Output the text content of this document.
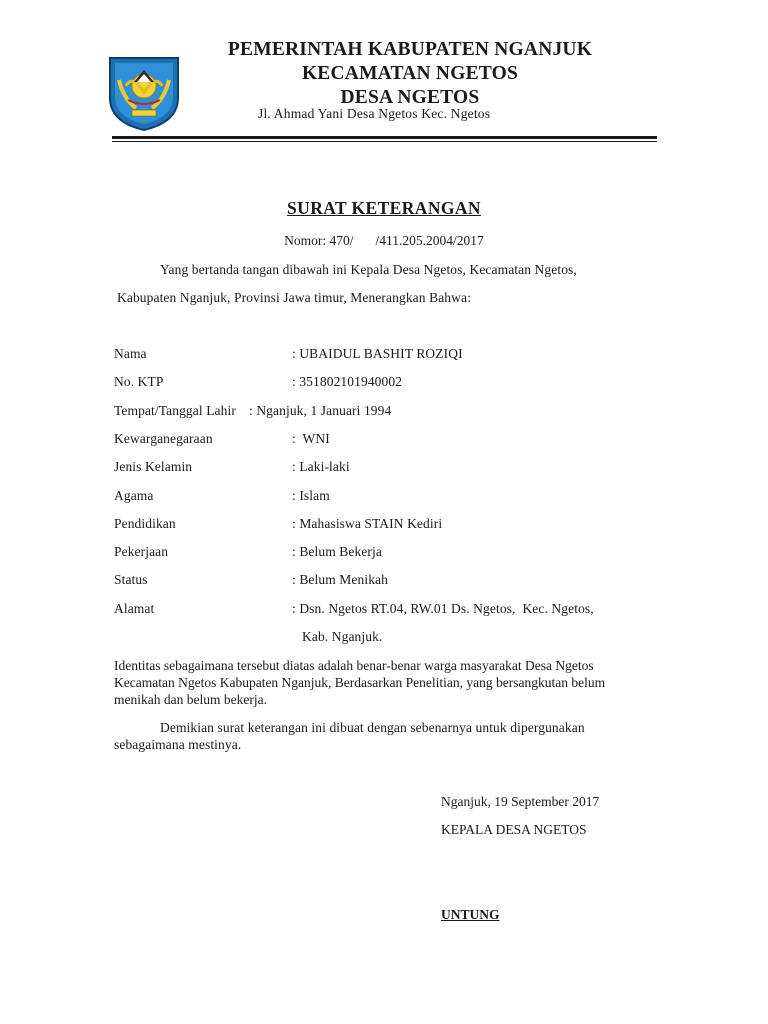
PEMERINTAH KABUPATEN NGANJUK
KECAMATAN NGETOS
DESA NGETOS
Jl. Ahmad Yani Desa Ngetos Kec. Ngetos
SURAT KETERANGAN
Nomor: 470/ /411.205.2004/2017
Yang bertanda tangan dibawah ini Kepala Desa Ngetos, Kecamatan Ngetos,
Kabupaten Nganjuk, Provinsi Jawa timur, Menerangkan Bahwa:
Nama	: UBAIDUL BASHIT ROZIQI
No. KTP	: 351802101940002
Tempat/Tanggal Lahir : Nganjuk, 1 Januari 1994
Kewarganegaraan	:  WNI
Jenis Kelamin	: Laki-laki
Agama	: Islam
Pendidikan	: Mahasiswa STAIN Kediri
Pekerjaan	: Belum Bekerja
Status	: Belum Menikah
Alamat	: Dsn. Ngetos RT.04, RW.01 Ds. Ngetos,  Kec. Ngetos,
Kab. Nganjuk.
Identitas sebagaimana tersebut diatas adalah benar-benar warga masyarakat Desa Ngetos Kecamatan Ngetos Kabupaten Nganjuk, Berdasarkan Penelitian, yang bersangkutan belum menikah dan belum bekerja.
Demikian surat keterangan ini dibuat dengan sebenarnya untuk dipergunakan
sebagaimana mestinya.
Nganjuk, 19 September 2017
KEPALA DESA NGETOS
UNTUNG
